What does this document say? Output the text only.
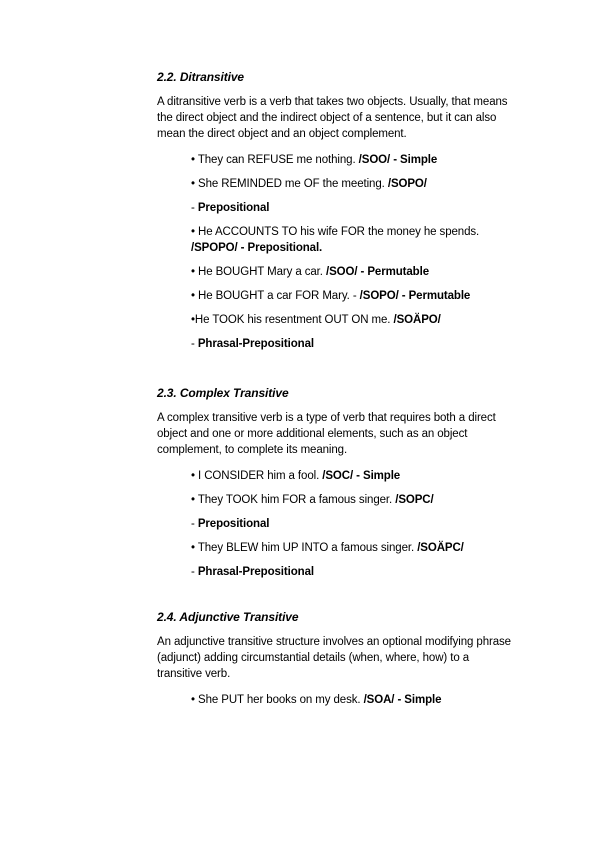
2.2. Ditransitive
A ditransitive verb is a verb that takes two objects. Usually, that means the direct object and the indirect object of a sentence, but it can also mean the direct object and an object complement.
• They can REFUSE me nothing. /SOO/ - Simple
• She REMINDED me OF the meeting. /SOPO/
- Prepositional
• He ACCOUNTS TO his wife FOR the money he spends.
/SPOPO/ - Prepositional.
• He BOUGHT Mary a car. /SOO/ - Permutable
• He BOUGHT a car FOR Mary. - /SOPO/ - Permutable
•He TOOK his resentment OUT ON me. /SOÄPO/
- Phrasal-Prepositional
2.3. Complex Transitive
A complex transitive verb is a type of verb that requires both a direct object and one or more additional elements, such as an object complement, to complete its meaning.
• I CONSIDER him a fool. /SOC/ - Simple
• They TOOK him FOR a famous singer. /SOPC/
- Prepositional
• They BLEW him UP INTO a famous singer. /SOÄPC/
- Phrasal-Prepositional
2.4. Adjunctive Transitive
An adjunctive transitive structure involves an optional modifying phrase (adjunct) adding circumstantial details (when, where, how) to a transitive verb.
• She PUT her books on my desk. /SOA/ - Simple
